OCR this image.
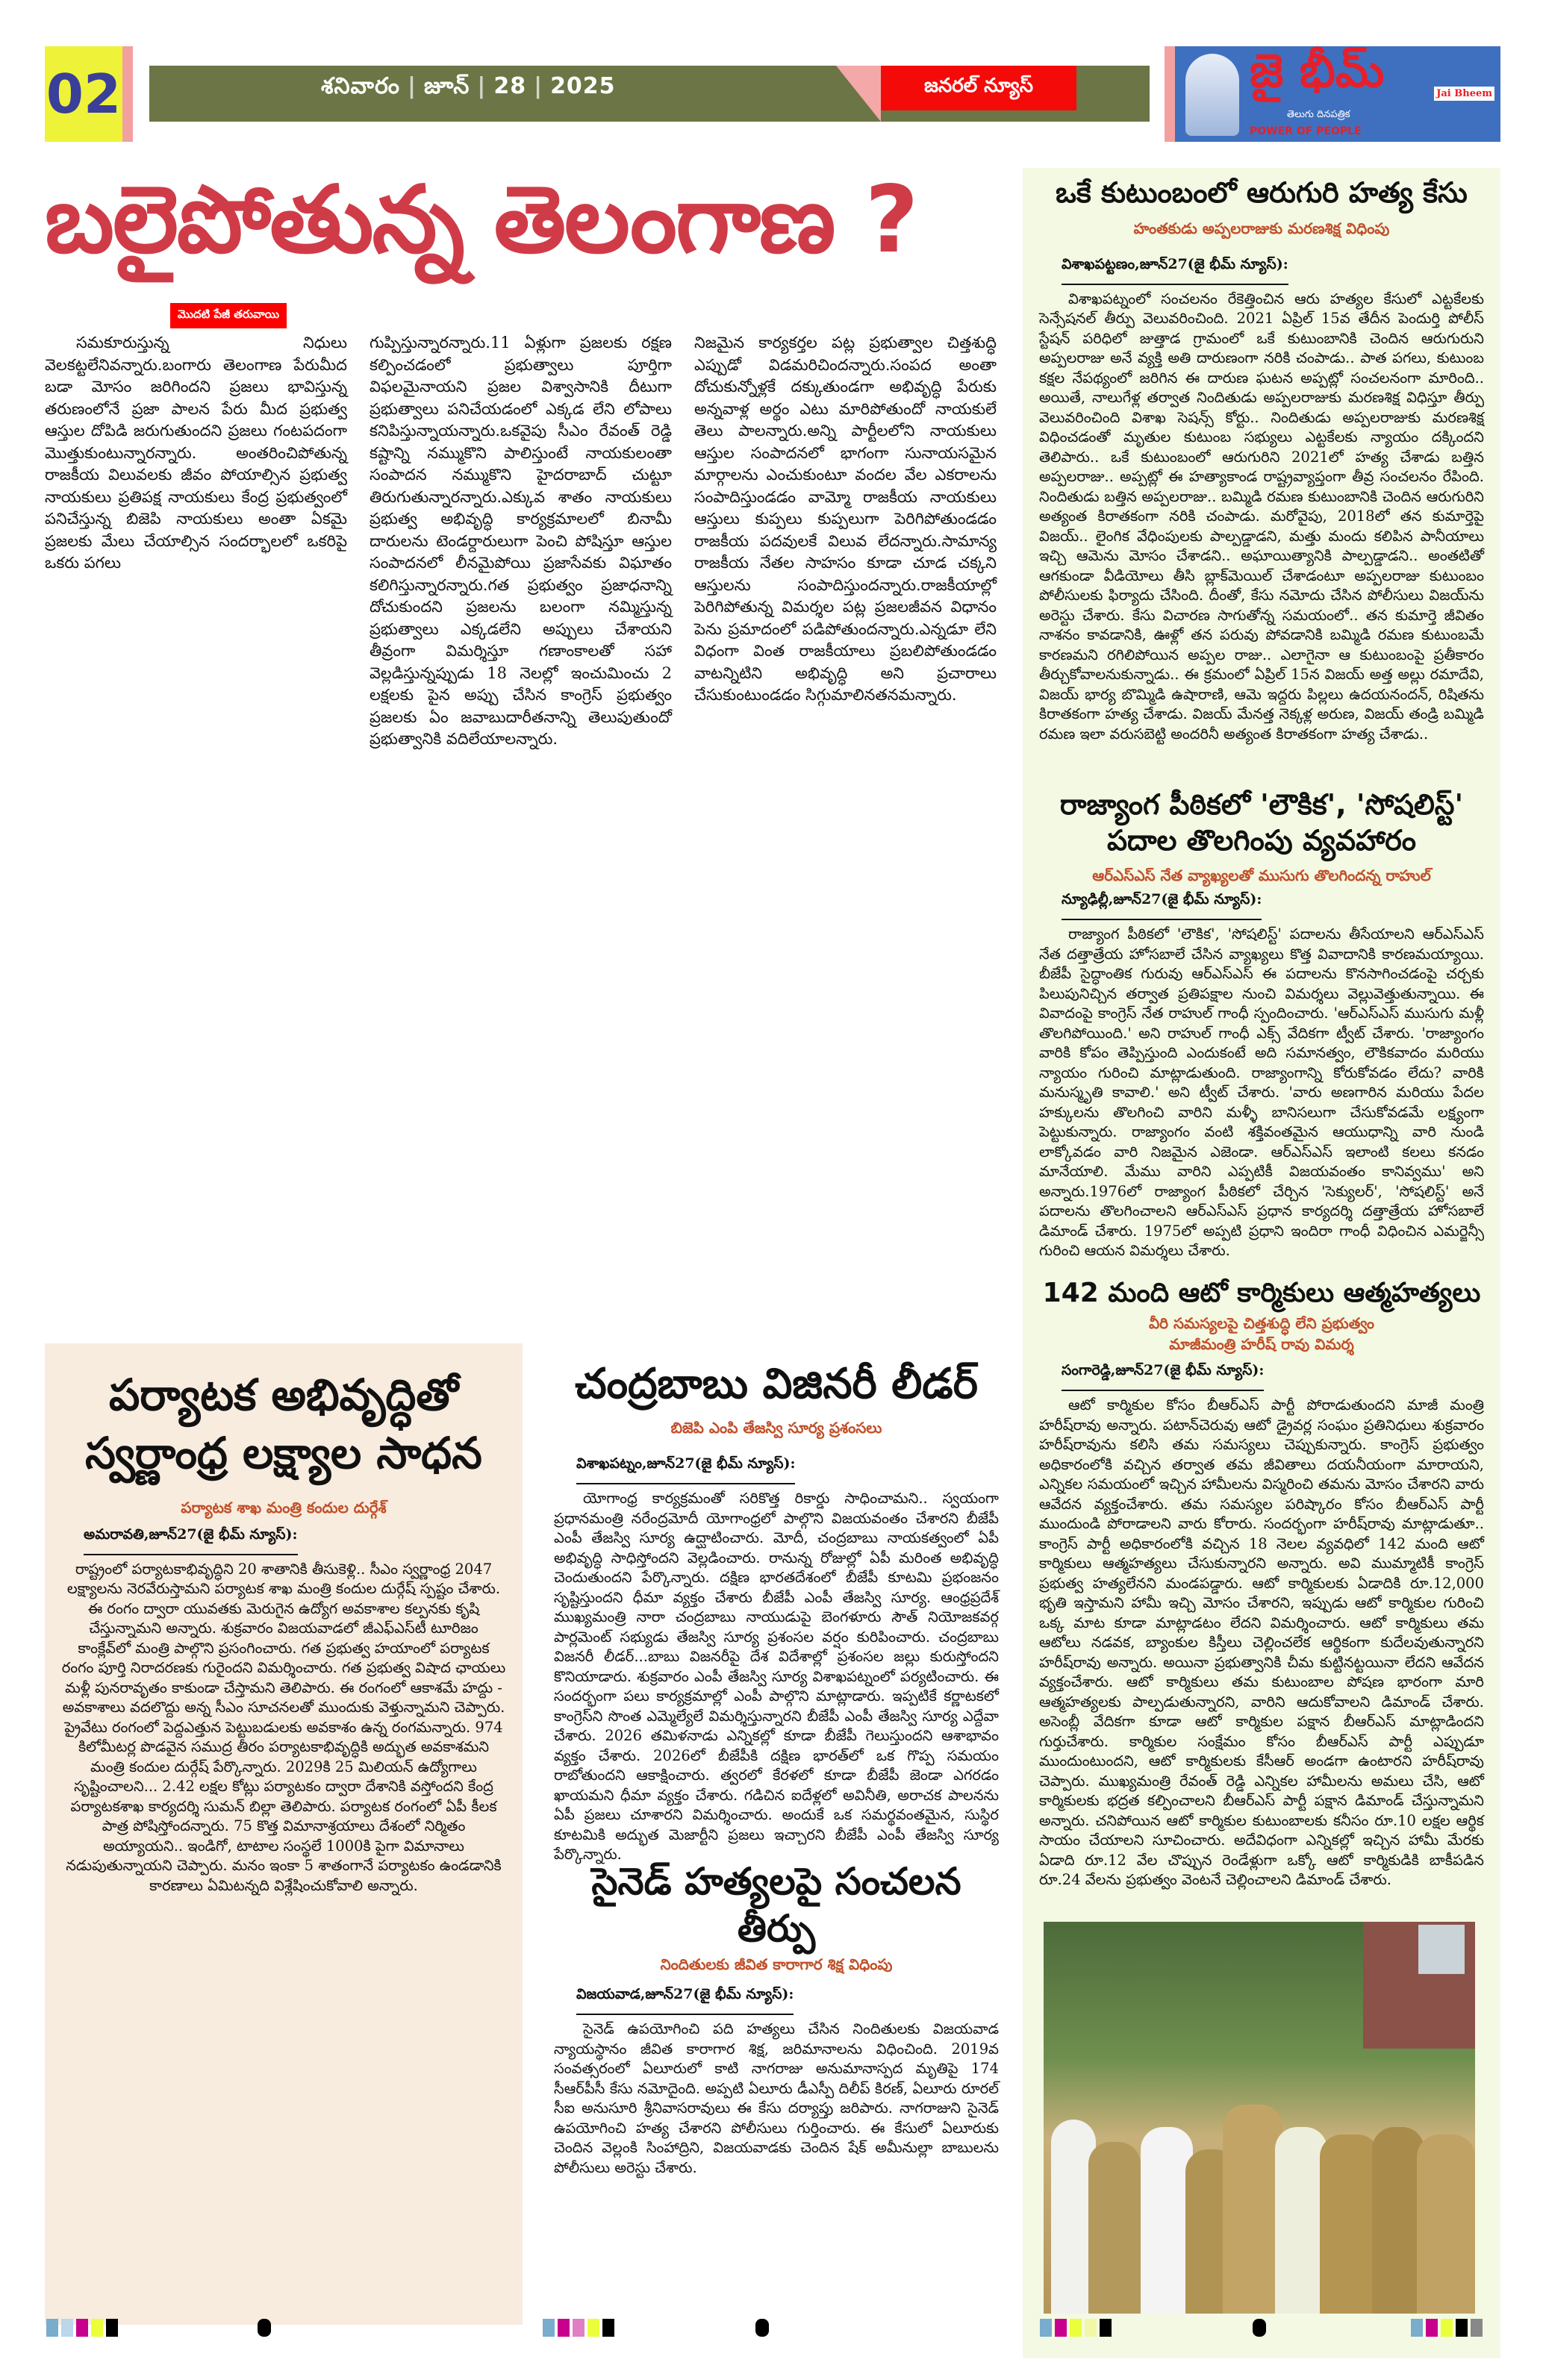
02	శనివారం | జూన్ | 28 | 2025	జనరల్ న్యూస్	జై భీమ్
తెలుగు దినపత్రిక
POWER OF PEOPLE
Jai Bheem
బలైపోతున్న తెలంగాణ ?
మొదటి పేజీ తరువాయి

సమకూరుస్తున్న నిధులు వెలకట్టలేనివన్నారు.బంగారు తెలంగాణ పేరుమీద బడా మోసం జరిగిందని ప్రజలు భావిస్తున్న తరుణంలోనే ప్రజా పాలన పేరు మీద ప్రభుత్వ ఆస్తుల దోపిడి జరుగుతుందని ప్రజలు గంటపదంగా మొత్తుకుంటున్నారన్నారు. అంతరించిపోతున్న రాజకీయ విలువలకు జీవం పోయాల్సిన ప్రభుత్వ నాయకులు ప్రతిపక్ష నాయకులు కేంద్ర ప్రభుత్వంలో పనిచేస్తున్న బిజెపి నాయకులు అంతా ఏకమై ప్రజలకు మేలు చేయాల్సిన సందర్భాలలో ఒకరిపై ఒకరు పగలు

గుప్పిస్తున్నారన్నారు.11 ఏళ్లుగా ప్రజలకు రక్షణ కల్పించడంలో ప్రభుత్వాలు పూర్తిగా విఫలమైనాయని ప్రజల విశ్వాసానికి దీటుగా ప్రభుత్వాలు పనిచేయడంలో ఎక్కడ లేని లోపాలు కనిపిస్తున్నాయన్నారు.ఒకవైపు సీఎం రేవంత్ రెడ్డి కష్టాన్ని నమ్ముకొని పాలిస్తుంటే నాయకులంతా సంపాదన నమ్ముకొని హైదరాబాద్ చుట్టూ తిరుగుతున్నారన్నారు.ఎక్కువ శాతం నాయకులు ప్రభుత్వ అభివృద్ధి కార్యక్రమాలలో బినామీ దారులను టెండర్దారులుగా పెంచి పోషిస్తూ ఆస్తుల సంపాదనలో లీనమైపోయి ప్రజాసేవకు విఘాతం కలిగిస్తున్నారన్నారు.గత ప్రభుత్వం ప్రజాధనాన్ని దోచుకుందని ప్రజలను బలంగా నమ్మిస్తున్న ప్రభుత్వాలు ఎక్కడలేని అప్పులు చేశాయని తీవ్రంగా విమర్శిస్తూ గణాంకాలతో సహా వెల్లడిస్తున్నప్పుడు 18 నెలల్లో ఇంచుమించు 2 లక్షలకు పైన అప్పు చేసిన కాంగ్రెస్ ప్రభుత్వం ప్రజలకు ఏం జవాబుదారీతనాన్ని తెలుపుతుందో ప్రభుత్వానికి వదిలేయాలన్నారు.

నిజమైన కార్యకర్తల పట్ల ప్రభుత్వాల చిత్తశుద్ధి ఎప్పుడో విడమరిచిందన్నారు.సంపద అంతా దోచుకున్నోళ్లకే దక్కుతుండగా అభివృద్ధి పేరుకు అన్నవాళ్ల అర్థం ఎటు మారిపోతుందో నాయకులే తెలు పాలన్నారు.అన్ని పార్టీలలోని నాయకులు ఆస్తుల సంపాదనలో భాగంగా సునాయసమైన మార్గాలను ఎంచుకుంటూ వందల వేల ఎకరాలను సంపాదిస్తుండడం వామ్మో రాజకీయ నాయకులు ఆస్తులు కుప్పలు కుప్పలుగా పెరిగిపోతుండడం రాజకీయ పదవులకే విలువ లేదన్నారు.సామాన్య రాజకీయ నేతల సాహసం కూడా చూడ చక్కని ఆస్తులను సంపాదిస్తుందన్నారు.రాజకీయాల్లో పెరిగిపోతున్న విమర్శల పట్ల ప్రజలజీవన విధానం పెను ప్రమాదంలో పడిపోతుందన్నారు.ఎన్నడూ లేని విధంగా వింత రాజకీయాలు ప్రబలిపోతుండడం వాటన్నిటిని అభివృద్ధి అని ప్రచారాలు చేసుకుంటుండడం సిగ్గుమాలినతనమన్నారు.

ఒకే కుటుంబంలో ఆరుగురి హత్య కేసు
హంతకుడు అప్పలరాజుకు మరణశిక్ష విధింపు
విశాఖపట్టణం,జూన్27(జై భీమ్ న్యూస్):

విశాఖపట్నంలో సంచలనం రేకెత్తించిన ఆరు హత్యల కేసులో ఎట్టకేలకు సెన్సేషనల్ తీర్పు వెలువరించింది. 2021 ఏప్రిల్ 15వ తేదీన పెందుర్తి పోలీస్ స్టేషన్ పరిధిలో జుత్తాడ గ్రామంలో ఒకే కుటుంబానికి చెందిన ఆరుగురుని అప్పలరాజు అనే వ్యక్తి అతి దారుణంగా నరికి చంపాడు.. పాత పగలు, కుటుంబ కక్షల నేపథ్యంలో జరిగిన ఈ దారుణ ఘటన అప్పట్లో సంచలనంగా మారింది.. అయితే, నాలుగేళ్ల తర్వాత నిందితుడు అప్పలరాజుకు మరణశిక్ష విధిస్తూ తీర్పు వెలువరించింది విశాఖ సెషన్స్ కోర్టు.. నిందితుడు అప్పలరాజుకు మరణశిక్ష విధించడంతో మృతుల కుటుంబ సభ్యులు ఎట్టకేలకు న్యాయం దక్కిందని తెలిపారు.. ఒకే కుటుంబంలో ఆరుగురిని 2021లో హత్య చేశాడు బత్తిన అప్పలరాజు.. అప్పట్లో ఈ హత్యాకాండ రాష్ట్రవ్యాప్తంగా తీవ్ర సంచలనం రేపింది. నిందితుడు బత్తిన అప్పలరాజు.. బమ్మిడి రమణ కుటుంబానికి చెందిన ఆరుగురిని అత్యంత కిరాతకంగా నరికి చంపాడు. మరోవైపు, 2018లో తన కుమార్తెపై విజయ్.. లైంగిక వేధింపులకు పాల్పడ్డాడని, మత్తు మందు కలిపిన పానీయాలు ఇచ్చి ఆమెను మోసం చేశాడని.. అఘాయిత్యానికి పాల్పడ్డాడని.. అంతటితో ఆగకుండా వీడియోలు తీసి బ్లాక్‌మెయిల్ చేశాడంటూ అప్పలరాజు కుటుంబం పోలీసులకు ఫిర్యాదు చేసింది. దీంతో, కేసు నమోదు చేసిన పోలీసులు విజయ్‌ను అరెస్టు చేశారు. కేసు విచారణ సాగుతోన్న సమయంలో.. తన కుమార్తె జీవితం నాశనం కావడానికి, ఊళ్లో తన పరువు పోవడానికి బమ్మిడి రమణ కుటుంబమే కారణమని రగిలిపోయిన అప్పల రాజు.. ఎలాగైనా ఆ కుటుంబంపై ప్రతీకారం తీర్చుకోవాలనుకున్నాడు.. ఈ క్రమంలో ఏప్రిల్ 15న విజయ్ అత్త అల్లు రమాదేవి, విజయ్ భార్య బొమ్మిడి ఉషారాణి, ఆమె ఇద్దరు పిల్లలు ఉదయనందన్, రిషితను కిరాతకంగా హత్య చేశాడు. విజయ్ మేనత్త నెక్కళ్ల అరుణ, విజయ్ తండ్రి బమ్మిడి రమణ ఇలా వరుసబెట్టి అందరినీ అత్యంత కిరాతకంగా హత్య చేశాడు..

రాజ్యాంగ పీఠికలో 'లౌకిక', 'సోషలిస్ట్' పదాల తొలగింపు వ్యవహారం
ఆర్ఎస్ఎస్ నేత వ్యాఖ్యలతో ముసుగు తొలగిందన్న రాహుల్
న్యూఢిల్లీ,జూన్27(జై భీమ్ న్యూస్):

రాజ్యాంగ పీఠికలో 'లౌకిక', 'సోషలిస్ట్' పదాలను తీసేయాలని ఆర్ఎస్ఎస్ నేత దత్తాత్రేయ హోసబాలే చేసిన వ్యాఖ్యలు కొత్త వివాదానికి కారణమయ్యాయి. బీజేపీ సైద్ధాంతిక గురువు ఆర్ఎస్ఎస్ ఈ పదాలను కొనసాగించడంపై చర్చకు పిలుపునిచ్చిన తర్వాత ప్రతిపక్షాల నుంచి విమర్శలు వెల్లువెత్తుతున్నాయి. ఈ వివాదంపై కాంగ్రెస్ నేత రాహుల్ గాంధీ స్పందించారు. 'ఆర్ఎస్ఎస్ ముసుగు మళ్లీ తొలగిపోయింది.' అని రాహుల్ గాంధీ ఎక్స్ వేదికగా ట్వీట్ చేశారు. 'రాజ్యాంగం వారికి కోపం తెప్పిస్తుంది ఎందుకంటే అది సమానత్వం, లౌకికవాదం మరియు న్యాయం గురించి మాట్లాడుతుంది. రాజ్యాంగాన్ని కోరుకోవడం లేదు? వారికి మనుస్మృతి కావాలి.' అని ట్వీట్ చేశారు. 'వారు అణగారిన మరియు పేదల హక్కులను తొలగించి వారిని మళ్ళీ బానిసలుగా చేసుకోవడమే లక్ష్యంగా పెట్టుకున్నారు. రాజ్యాంగం వంటి శక్తివంతమైన ఆయుధాన్ని వారి నుండి లాక్కోవడం వారి నిజమైన ఎజెండా. ఆర్ఎస్ఎస్ ఇలాంటి కలలు కనడం మానేయాలి. మేము వారిని ఎప్పటికీ విజయవంతం కానివ్వము' అని అన్నారు.1976లో రాజ్యాంగ పీఠికలో చేర్చిన 'సెక్యులర్', 'సోషలిస్ట్' అనే పదాలను తొలగించాలని ఆర్ఎస్ఎస్ ప్రధాన కార్యదర్శి దత్తాత్రేయ హోసబాలే డిమాండ్ చేశారు. 1975లో అప్పటి ప్రధాని ఇందిరా గాంధీ విధించిన ఎమర్జెన్సీ గురించి ఆయన విమర్శలు చేశారు.

142 మంది ఆటో కార్మికులు ఆత్మహత్యలు
వీరి సమస్యలపై చిత్తశుద్ధి లేని ప్రభుత్వం
మాజీమంత్రి హరీష్ రావు విమర్శ
సంగారెడ్డి,జూన్27(జై భీమ్ న్యూస్):

ఆటో కార్మికుల కోసం బీఆర్ఎస్ పార్టీ పోరాడుతుందని మాజీ మంత్రి హరీష్‌రావు అన్నారు. పటాన్‌చెరువు ఆటో డ్రైవర్ల సంఘం ప్రతినిధులు శుక్రవారం హరీష్‌రావును కలిసి తమ సమస్యలు చెప్పుకున్నారు. కాంగ్రెస్ ప్రభుత్వం అధికారంలోకి వచ్చిన తర్వాత తమ జీవితాలు దయనీయంగా మారాయని, ఎన్నికల సమయంలో ఇచ్చిన హామీలను విస్మరించి తమను మోసం చేశారని వారు ఆవేదన వ్యక్తంచేశారు. తమ సమస్యల పరిష్కారం కోసం బీఆర్ఎస్ పార్టీ ముందుండి పోరాడాలని వారు కోరారు. సందర్భంగా హరీష్‌రావు మాట్లాడుతూ.. కాంగ్రెస్ పార్టీ అధికారంలోకి వచ్చిన 18 నెలల వ్యవధిలో 142 మంది ఆటో కార్మికులు ఆత్మహత్యలు చేసుకున్నారని అన్నారు. అవి ముమ్మాటికీ కాంగ్రెస్ ప్రభుత్వ హత్యలేనని మండపడ్డారు. ఆటో కార్మికులకు ఏడాదికి రూ.12,000 భృతి ఇస్తామని హామీ ఇచ్చి మోసం చేశారని, ఇప్పుడు ఆటో కార్మికుల గురించి ఒక్క మాట కూడా మాట్లాడటం లేదని విమర్శించారు. ఆటో కార్మికులు తమ ఆటోలు నడవక, బ్యాంకుల కిస్తీలు చెల్లించలేక ఆర్థికంగా కుదేలవుతున్నారని హరీష్‌రావు అన్నారు. అయినా ప్రభుత్వానికి చీమ కుట్టినట్టయినా లేదని ఆవేదన వ్యక్తంచేశారు. ఆటో కార్మికులు తమ కుటుంబాల పోషణ భారంగా మారి ఆత్మహత్యలకు పాల్పడుతున్నారని, వారిని ఆదుకోవాలని డిమాండ్ చేశారు. అసెంబ్లీ వేదికగా కూడా ఆటో కార్మికుల పక్షాన బీఆర్ఎస్ మాట్లాడిందని గుర్తుచేశారు. కార్మికుల సంక్షేమం కోసం బీఆర్ఎస్ పార్టీ ఎప్పుడూ ముందుంటుందని, ఆటో కార్మికులకు కేసీఆర్ అండగా ఉంటారని హరీష్‌రావు చెప్పారు. ముఖ్యమంత్రి రేవంత్ రెడ్డి ఎన్నికల హామీలను అమలు చేసి, ఆటో కార్మికులకు భద్రత కల్పించాలని బీఆర్ఎస్ పార్టీ పక్షాన డిమాండ్ చేస్తున్నామని అన్నారు. చనిపోయిన ఆటో కార్మికుల కుటుంబాలకు కనీసం రూ.10 లక్షల ఆర్థిక సాయం చేయాలని సూచించారు. అదేవిధంగా ఎన్నికల్లో ఇచ్చిన హామీ మేరకు ఏడాది రూ.12 వేల చొప్పున రెండేళ్లుగా ఒక్కో ఆటో కార్మికుడికి బాకీపడిన రూ.24 వేలను ప్రభుత్వం వెంటనే చెల్లించాలని డిమాండ్ చేశారు.

పర్యాటక అభివృద్ధితో
స్వర్ణాంధ్ర లక్ష్యాల సాధన
పర్యాటక శాఖ మంత్రి కందుల దుర్గేశ్
అమరావతి,జూన్27(జై భీమ్ న్యూస్):

రాష్ట్రంలో పర్యాటకాభివృద్ధిని 20 శాతానికి తీసుకెళ్లి.. సీఎం స్వర్ణాంధ్ర 2047 లక్ష్యాలను నెరవేరుస్తామని పర్యాటక శాఖ మంత్రి కందుల దుర్గేష్ స్పష్టం చేశారు. ఈ రంగం ద్వారా యువతకు మెరుగైన ఉద్యోగ అవకాశాల కల్పనకు కృషి చేస్తున్నామని అన్నారు. శుక్రవారం విజయవాడలో జీఎఫ్ఎస్‌టీ టూరిజం కాంక్లేవ్‌లో మంత్రి పాల్గొని ప్రసంగించారు. గత ప్రభుత్వ హయాంలో పర్యాటక రంగం పూర్తి నిరాదరణకు గురైందని విమర్శించారు. గత ప్రభుత్వ విషాద ఛాయలు మళ్లీ పునరావృతం కాకుండా చేస్తామని తెలిపారు. ఈ రంగంలో ఆకాశమే హద్దు - అవకాశాలు వదలొద్దు అన్న సీఎం సూచనలతో ముందుకు వెళ్తున్నామని చెప్పారు. ప్రైవేటు రంగంలో పెద్దఎత్తున పెట్టుబడులకు అవకాశం ఉన్న రంగమన్నారు. 974 కిలోమీటర్ల పొడవైన సముద్ర తీరం పర్యాటకాభివృద్ధికి అద్భుత అవకాశమని మంత్రి కందుల దుర్గేష్ పేర్కొన్నారు. 2029కి 25 మిలియన్ ఉద్యోగాలు సృష్టించాలని... 2.42 లక్షల కోట్లు పర్యాటకం ద్వారా దేశానికి వస్తోందని కేంద్ర పర్యాటకశాఖ కార్యదర్శి సుమన్ బిల్లా తెలిపారు. పర్యాటక రంగంలో ఏపీ కీలక పాత్ర పోషిస్తోందన్నారు. 75 కొత్త విమానాశ్రయాలు దేశంలో నిర్మితం అయ్యాయని.. ఇండిగో, టాటాల సంస్థలే 1000కి పైగా విమానాలు నడుపుతున్నాయని చెప్పారు. మనం ఇంకా 5 శాతంగానే పర్యాటకం ఉండడానికి కారణాలు ఏమిటన్నది విశ్లేషించుకోవాలి అన్నారు.

చంద్రబాబు విజినరీ లీడర్
బిజెపి ఎంపి తేజస్వి సూర్య ప్రశంసలు
విశాఖపట్నం,జూన్27(జై భీమ్ న్యూస్):

యోగాంధ్ర కార్యక్రమంతో సరికొత్త రికార్డు సాధించామని.. స్వయంగా ప్రధానమంత్రి నరేంద్రమోదీ యోగాంధ్రలో పాల్గొని విజయవంతం చేశారని బీజేపీ ఎంపీ తేజస్వి సూర్య ఉద్ఘాటించారు. మోదీ, చంద్రబాబు నాయకత్వంలో ఏపీ అభివృద్ధి సాధిస్తోందని వెల్లడించారు. రానున్న రోజుల్లో ఏపీ మరింత అభివృద్ధి చెందుతుందని పేర్కొన్నారు. దక్షిణ భారతదేశంలో బీజేపీ కూటమి ప్రభంజనం సృష్టిస్తుందని ధీమా వ్యక్తం చేశారు బీజేపీ ఎంపీ తేజస్వి సూర్య. ఆంధ్రప్రదేశ్ ముఖ్యమంత్రి నారా చంద్రబాబు నాయుడుపై బెంగళూరు సౌత్ నియోజకవర్గ పార్లమెంట్ సభ్యుడు తేజస్వి సూర్య ప్రశంసల వర్షం కురిపించారు. చంద్రబాబు విజనరీ లీడర్...బాబు విజనరీపై దేశ విదేశాల్లో ప్రశంసల జల్లు కురుస్తోందని కొనియాడారు. శుక్రవారం ఎంపీ తేజస్వి సూర్య విశాఖపట్నంలో పర్యటించారు. ఈ సందర్భంగా పలు కార్యక్రమాల్లో ఎంపీ పాల్గొని మాట్లాడారు. ఇప్పటికే కర్ణాటకలో కాంగ్రెస్‌ని సొంత ఎమ్మెల్యేలే విమర్శిస్తున్నారని బీజేపీ ఎంపీ తేజస్వి సూర్య ఎద్దేవా చేశారు. 2026 తమిళనాడు ఎన్నికల్లో కూడా బీజేపీ గెలుస్తుందని ఆశాభావం వ్యక్తం చేశారు. 2026లో బీజేపీకి దక్షిణ భారత్‌లో ఒక గొప్ప సమయం రాబోతుందని ఆకాక్షించారు. త్వరలో కేరళలో కూడా బీజేపీ జెండా ఎగరడం ఖాయమని ధీమా వ్యక్తం చేశారు. గడిచిన ఐదేళ్లలో అవినీతి, అరాచక పాలనను ఏపీ ప్రజలు చూశారని విమర్శించారు. అందుకే ఒక సమర్థవంతమైన, సుస్థిర కూటమికి అద్భుత మెజార్టీని ప్రజలు ఇచ్చారని బీజేపీ ఎంపీ తేజస్వి సూర్య పేర్కొన్నారు.

సైనెడ్ హత్యలపై సంచలన తీర్పు
నిందితులకు జీవిత కారాగార శిక్ష విధింపు
విజయవాడ,జూన్27(జై భీమ్ న్యూస్):

సైనెడ్ ఉపయోగించి పది హత్యలు చేసిన నిందితులకు విజయవాడ న్యాయస్థానం జీవిత కారాగార శిక్ష, జరిమానాలను విధించింది. 2019వ సంవత్సరంలో ఏలూరులో కాటి నాగరాజు అనుమానాస్పద మృతిపై 174 సీఆర్‌పీసీ కేసు నమోదైంది. అప్పటి ఏలూరు డీఎస్పీ దిలీప్ కిరణ్, ఏలూరు రూరల్ సీఐ అనుసూరి శ్రీనివాసరావులు ఈ కేసు దర్యాప్తు జరిపారు. నాగరాజుని సైనెడ్ ఉపయోగించి హత్య చేశారని పోలీసులు గుర్తించారు. ఈ కేసులో ఏలూరుకు చెందిన వెల్లంకి సింహాద్రిని, విజయవాడకు చెందిన షేక్ అమీనుల్లా బాబులను పోలీసులు అరెస్టు చేశారు.
